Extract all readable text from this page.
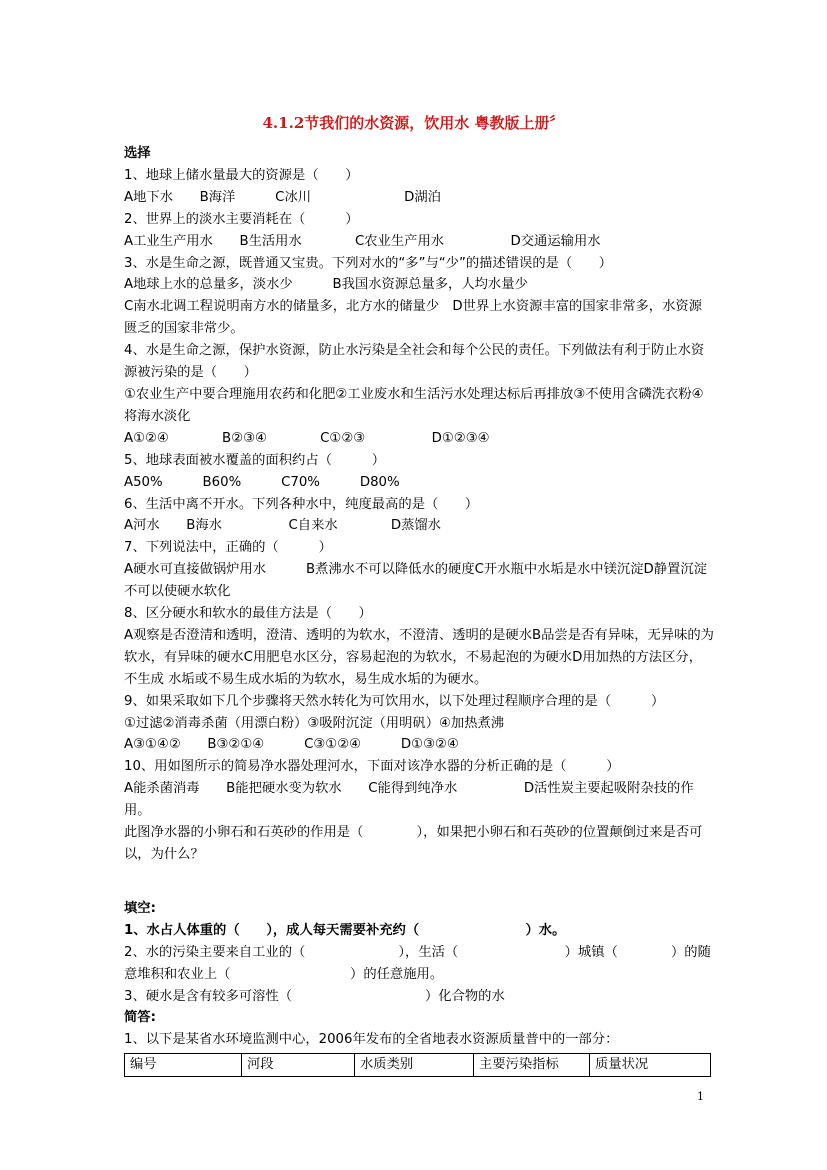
4.1.2节我们的水资源，饮用水 粤教版上册〞
选择
1、地球上储水量最大的资源是（　　）
A地下水　　B海洋　　　C冰川　　　　　　　D湖泊
2、世界上的淡水主要消耗在（　　　）
A工业生产用水　　B生活用水　　　　C农业生产用水　　　　　D交通运输用水
3、水是生命之源，既普通又宝贵。下列对水的“多”与“少”的描述错误的是（　　）
A地球上水的总量多，淡水少　　　B我国水资源总量多，人均水量少
C南水北调工程说明南方水的储量多，北方水的储量少　D世界上水资源丰富的国家非常多，水资源匮乏的国家非常少。
4、水是生命之源，保护水资源，防止水污染是全社会和每个公民的责任。下列做法有利于防止水资源被污染的是（　　）
①农业生产中要合理施用农药和化肥②工业废水和生活污水处理达标后再排放③不使用含磷洗衣粉④将海水淡化
A①②④　　　　B②③④　　　　C①②③　　　　　D①②③④
5、地球表面被水覆盖的面积约占（　　　）
A50%　　　B60%　　　C70%　　　D80%
6、生活中离不开水。下列各种水中，纯度最高的是（　　）
A河水　　B海水　　　　　C自来水　　　　D蒸馏水
7、下列说法中，正确的（　　　）
A硬水可直接做锅炉用水　　　B煮沸水不可以降低水的硬度C开水瓶中水垢是水中镁沉淀D静置沉淀不可以使硬水软化
8、区分硬水和软水的最佳方法是（　　）
A观察是否澄清和透明，澄清、透明的为软水，不澄清、透明的是硬水B品尝是否有异味，无异味的为软水，有异味的硬水C用肥皂水区分，容易起泡的为软水，不易起泡的为硬水D用加热的方法区分，不生成 水垢或不易生成水垢的为软水，易生成水垢的为硬水。
9、如果采取如下几个步骤将天然水转化为可饮用水，以下处理过程顺序合理的是（　　　）
①过滤②消毒杀菌（用漂白粉）③吸附沉淀（用明矾）④加热煮沸
A③①④②　　B③②①④　　　C③①②④　　　D①③②④
10、用如图所示的简易净水器处理河水，下面对该净水器的分析正确的是（　　　）
A能杀菌消毒　　B能把硬水变为软水　　C能得到纯净水　　　　　D活性炭主要起吸附杂技的作用。
此图净水器的小卵石和石英砂的作用是（　　　　），如果把小卵石和石英砂的位置颠倒过来是否可以，为什么？
填空:
1、水占人体重的（　　），成人每天需要补充约（　　　　　　　　）水。
2、水的污染主要来自工业的（　　　　　　　），生活（　　　　　　　　）城镇（　　　　）的随意堆积和农业上（　　　　　　　　　）的任意施用。
3、硬水是含有较多可溶性（　　　　　　　　　　）化合物的水
简答:
1、以下是某省水环境监测中心，2006年发布的全省地表水资源质量普中的一部分：
编号	河段	水质类别	主要污染指标	质量状况
1
